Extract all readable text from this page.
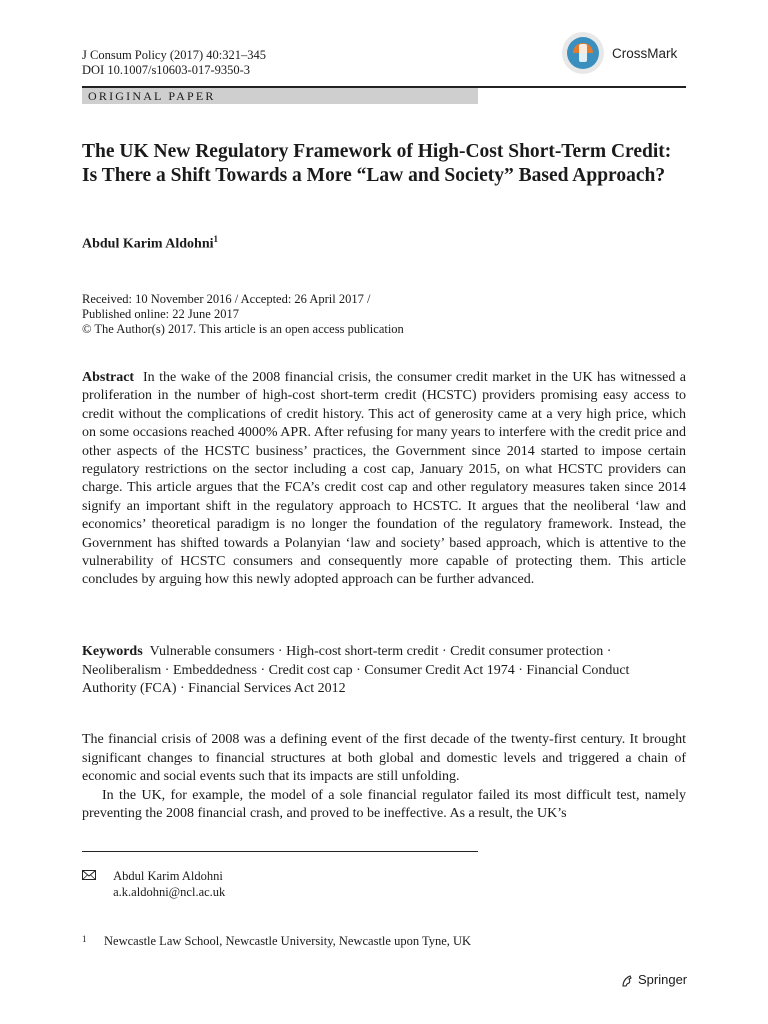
J Consum Policy (2017) 40:321–345
DOI 10.1007/s10603-017-9350-3
CrossMark
ORIGINAL PAPER
The UK New Regulatory Framework of High-Cost Short-Term Credit: Is There a Shift Towards a More “Law and Society” Based Approach?
Abdul Karim Aldohni$^1$
Received: 10 November 2016 / Accepted: 26 April 2017 /
Published online: 22 June 2017
© The Author(s) 2017. This article is an open access publication
Abstract In the wake of the 2008 financial crisis, the consumer credit market in the UK has witnessed a proliferation in the number of high-cost short-term credit (HCSTC) providers promising easy access to credit without the complications of credit history. This act of generosity came at a very high price, which on some occasions reached 4000% APR. After refusing for many years to interfere with the credit price and other aspects of the HCSTC business’ practices, the Government since 2014 started to impose certain regulatory restrictions on the sector including a cost cap, January 2015, on what HCSTC providers can charge. This article argues that the FCA’s credit cost cap and other regulatory measures taken since 2014 signify an important shift in the regulatory approach to HCSTC. It argues that the neoliberal ‘law and economics’ theoretical paradigm is no longer the foundation of the regulatory framework. Instead, the Government has shifted towards a Polanyian ‘law and society’ based approach, which is attentive to the vulnerability of HCSTC consumers and consequently more capable of protecting them. This article concludes by arguing how this newly adopted approach can be further advanced.
Keywords Vulnerable consumers · High-cost short-term credit · Credit consumer protection · Neoliberalism · Embeddedness · Credit cost cap · Consumer Credit Act 1974 · Financial Conduct Authority (FCA) · Financial Services Act 2012

The financial crisis of 2008 was a defining event of the first decade of the twenty-first century. It brought significant changes to financial structures at both global and domestic levels and triggered a chain of economic and social events such that its impacts are still unfolding.

In the UK, for example, the model of a sole financial regulator failed its most difficult test, namely preventing the 2008 financial crash, and proved to be ineffective. As a result, the UK’s

Abdul Karim Aldohni
a.k.aldohni@ncl.ac.uk
1 Newcastle Law School, Newcastle University, Newcastle upon Tyne, UK
Springer
